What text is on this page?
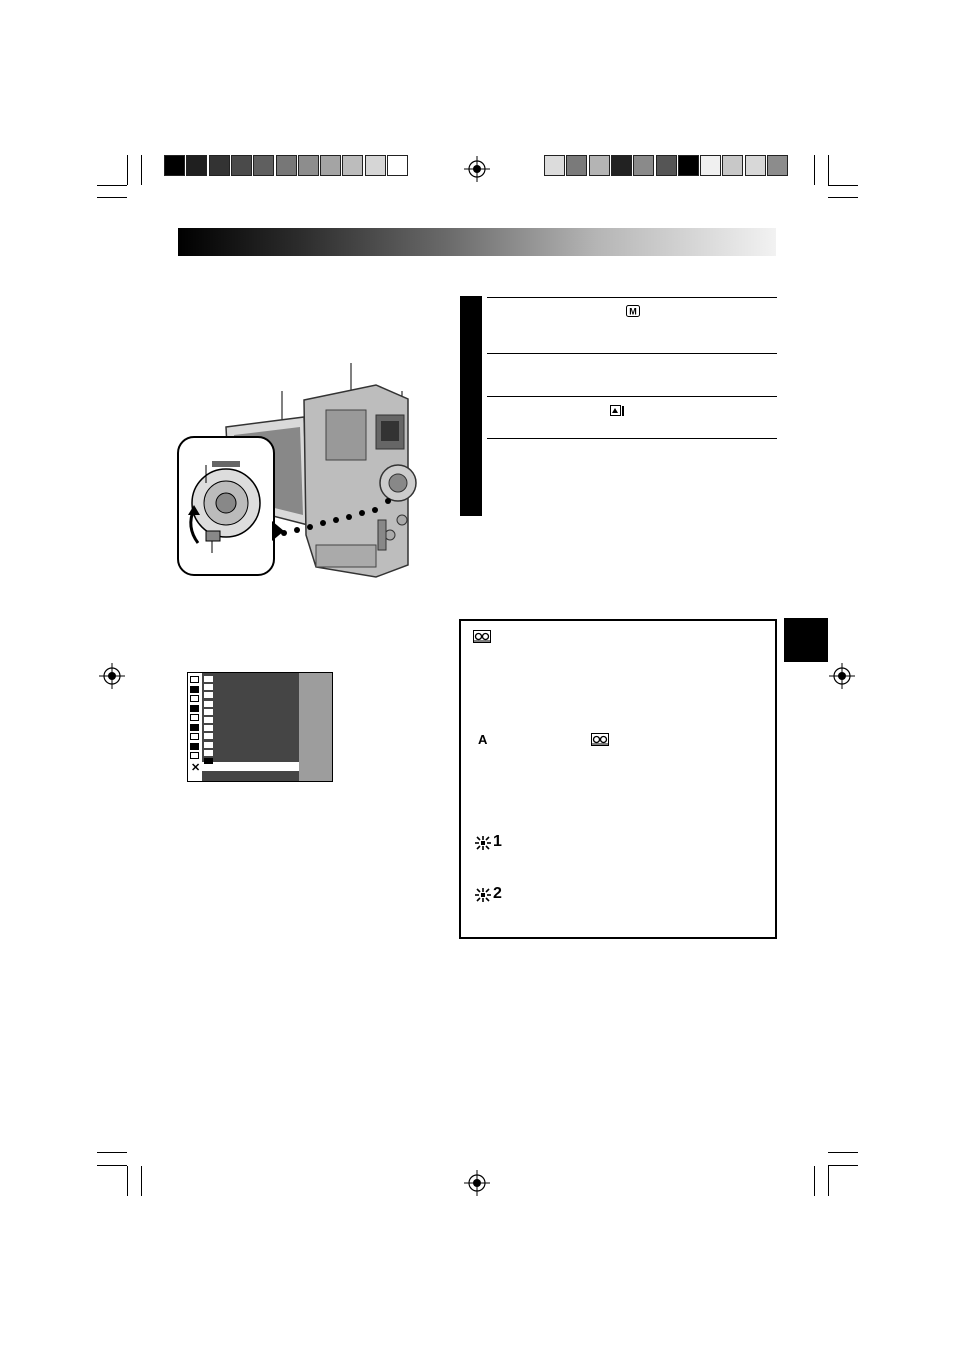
✕
M
A
1
2
